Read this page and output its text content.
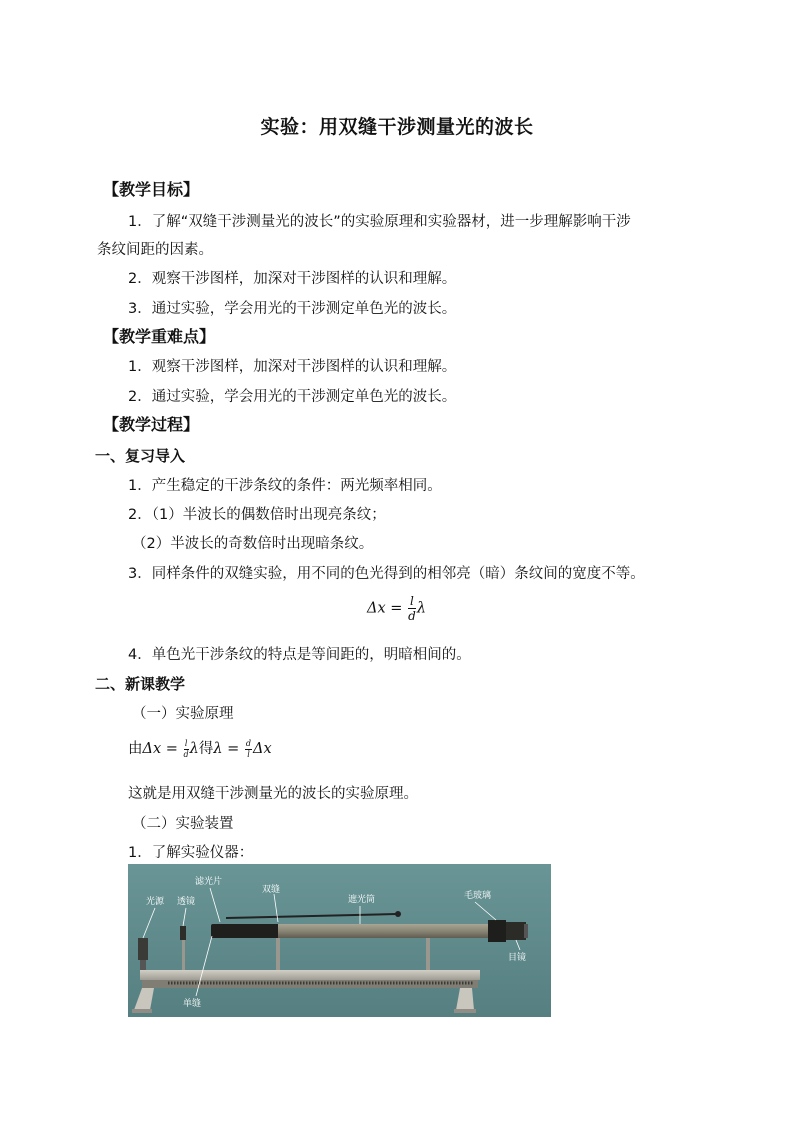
实验：用双缝干涉测量光的波长
【教学目标】
1．了解“双缝干涉测量光的波长”的实验原理和实验器材，进一步理解影响干涉
条纹间距的因素。
2．观察干涉图样，加深对干涉图样的认识和理解。
3．通过实验，学会用光的干涉测定单色光的波长。
【教学重难点】
1．观察干涉图样，加深对干涉图样的认识和理解。
2．通过实验，学会用光的干涉测定单色光的波长。
【教学过程】
一、复习导入
1．产生稳定的干涉条纹的条件：两光频率相同。
2．（1）半波长的偶数倍时出现亮条纹；
（2）半波长的奇数倍时出现暗条纹。
3．同样条件的双缝实验，用不同的色光得到的相邻亮（暗）条纹间的宽度不等。
$\Delta x = \frac{l}{d}$ λ
4．单色光干涉条纹的特点是等间距的，明暗相间的。
二、新课教学
（一）实验原理
由$\Delta x = \frac{l}{d}$ λ得$\lambda = \frac{d}{l}$ Δx
这就是用双缝干涉测量光的波长的实验原理。
（二）实验装置
1．了解实验仪器：
光源 透镜
滤光片
双缝
遮光筒	毛玻璃
目镜
单缝
